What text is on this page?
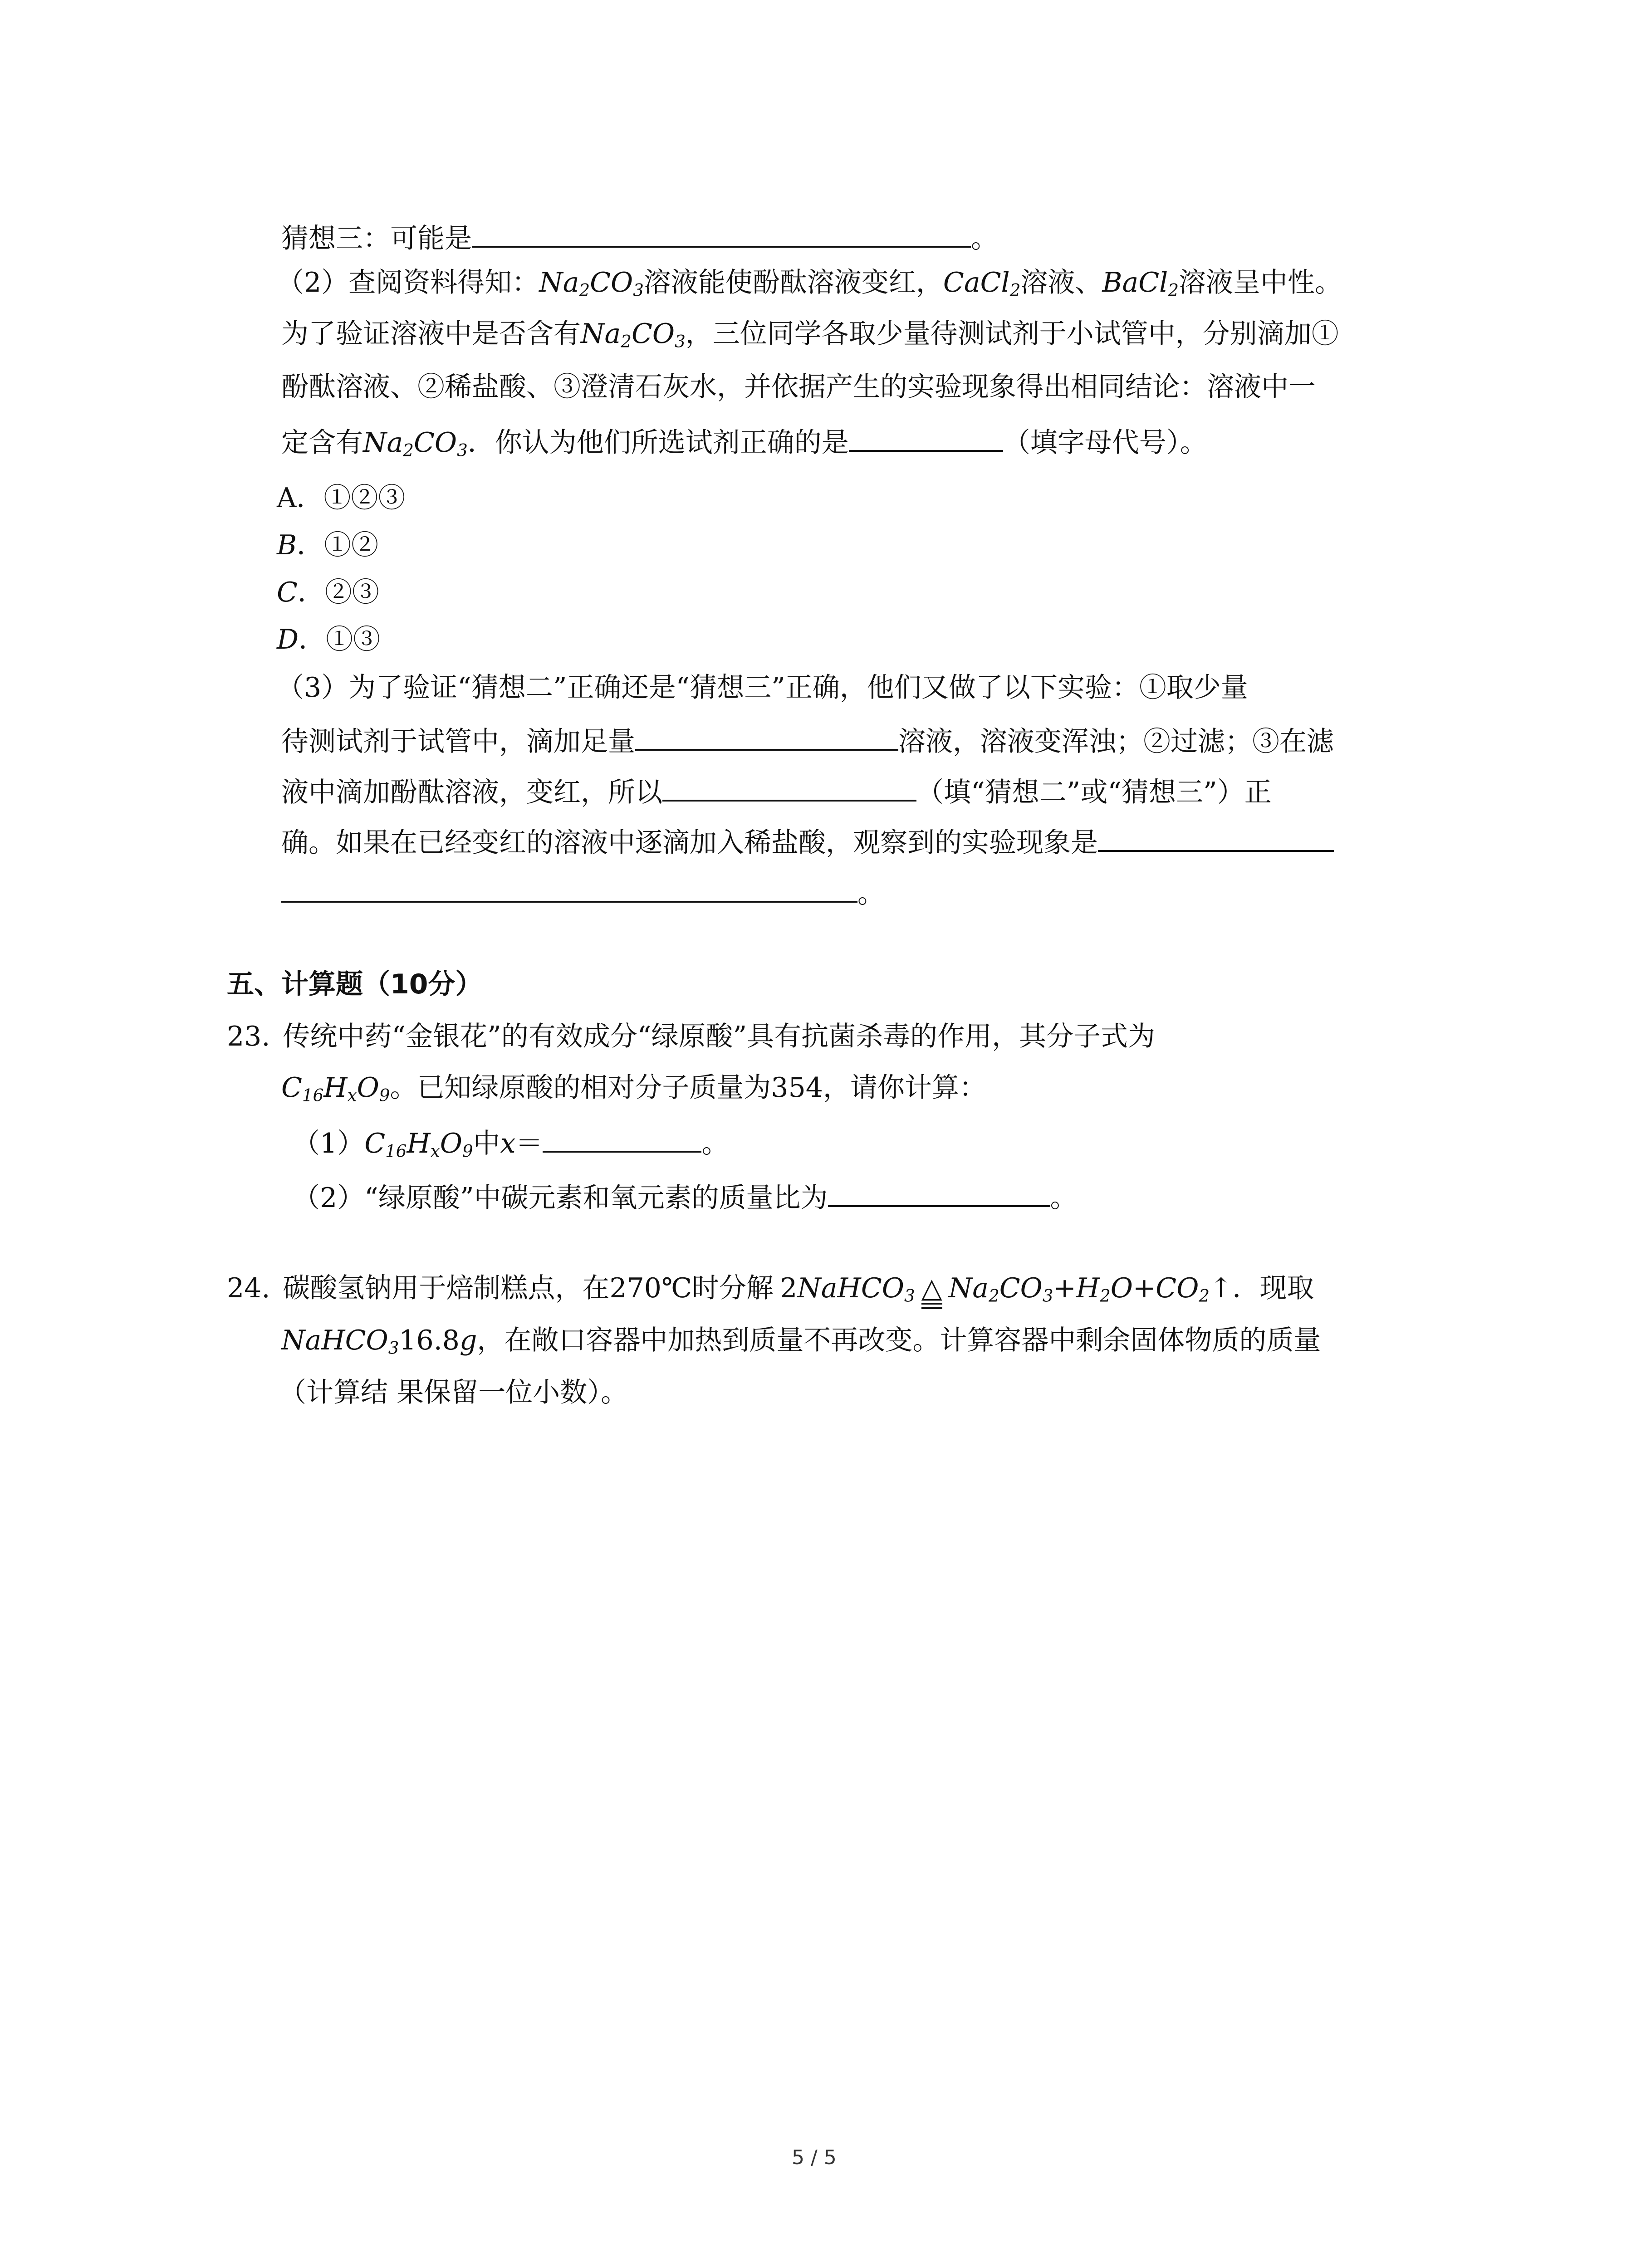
猜想三：可能是	。
（2）查阅资料得知：$Na_2CO_3$溶液能使酚酞溶液变红，CaCl$_2$溶液、BaCl$_2$溶液呈中性。
为了验证溶液中是否含有$Na_2CO_3$，三位同学各取少量待测试剂于小试管中，分别滴加①
酚酞溶液、②稀盐酸、③澄清石灰水，并依据产生的实验现象得出相同结论：溶液中一
定含有$Na_2CO_3$．你认为他们所选试剂正确的是	（填字母代号）。
A．①②③
B．①②
C．②③
D．①③
（3）为了验证“猜想二”正确还是“猜想三”正确，他们又做了以下实验：①取少量
待测试剂于试管中，滴加足量	溶液，溶液变浑浊；②过滤；③在滤
液中滴加酚酞溶液，变红，所以	（填“猜想二”或“猜想三”）正
确。如果在已经变红的溶液中逐滴加入稀盐酸，观察到的实验现象是
。
五、计算题（10分）
23. 传统中药“金银花”的有效成分“绿原酸”具有抗菌杀毒的作用，其分子式为
$C_{16}H_xO_9$。已知绿原酸的相对分子质量为354，请你计算：
$(1)C_{16}H_xO_9$中x＝	。
（2）“绿原酸”中碳元素和氧元素的质量比为	。
24. 碳酸氢钠用于焙制糕点，在270℃时分解 2NaHCO$_3$ △ $Na_2CO_3+H_2O+CO_2↑$．现取
NaHCO$_3$16.8g，在敞口容器中加热到质量不再改变。计算容器中剩余固体物质的质量
（计算结 果保留一位小数）。
5 / 5
